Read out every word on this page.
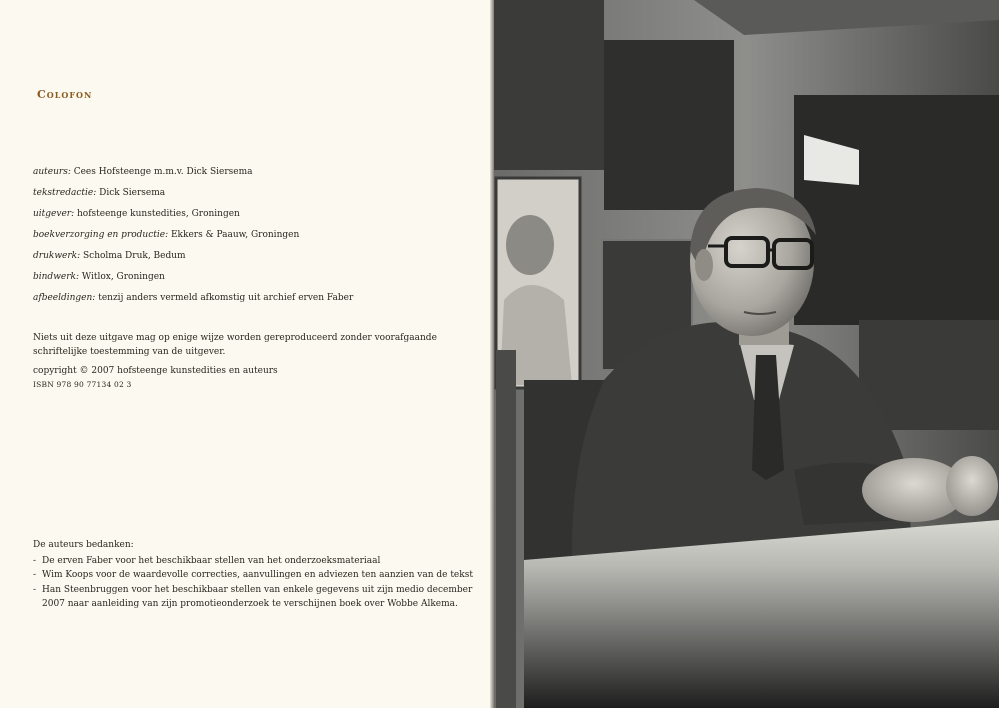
Colofon
auteurs: Cees Hofsteenge m.m.v. Dick Siersema
tekstredactie: Dick Siersema
uitgever: hofsteenge kunstedities, Groningen
boekverzorging en productie: Ekkers & Paauw, Groningen
drukwerk: Scholma Druk, Bedum
bindwerk: Witlox, Groningen
afbeeldingen: tenzij anders vermeld afkomstig uit archief erven Faber

Niets uit deze uitgave mag op enige wijze worden gereproduceerd zonder voorafgaande

schriftelijke toestemming van de uitgever.

copyright © 2007 hofsteenge kunstedities en auteurs
ISBN 978 90 77134 02 3

De auteurs bedanken:

- De erven Faber voor het beschikbaar stellen van het onderzoeksmateriaal
- Wim Koops voor de waardevolle correcties, aanvullingen en adviezen ten aanzien van de tekst
- Han Steenbruggen voor het beschikbaar stellen van enkele gegevens uit zijn medio december 2007 naar aanleiding van zijn promotieonderzoek te verschijnen boek over Wobbe Alkema.
